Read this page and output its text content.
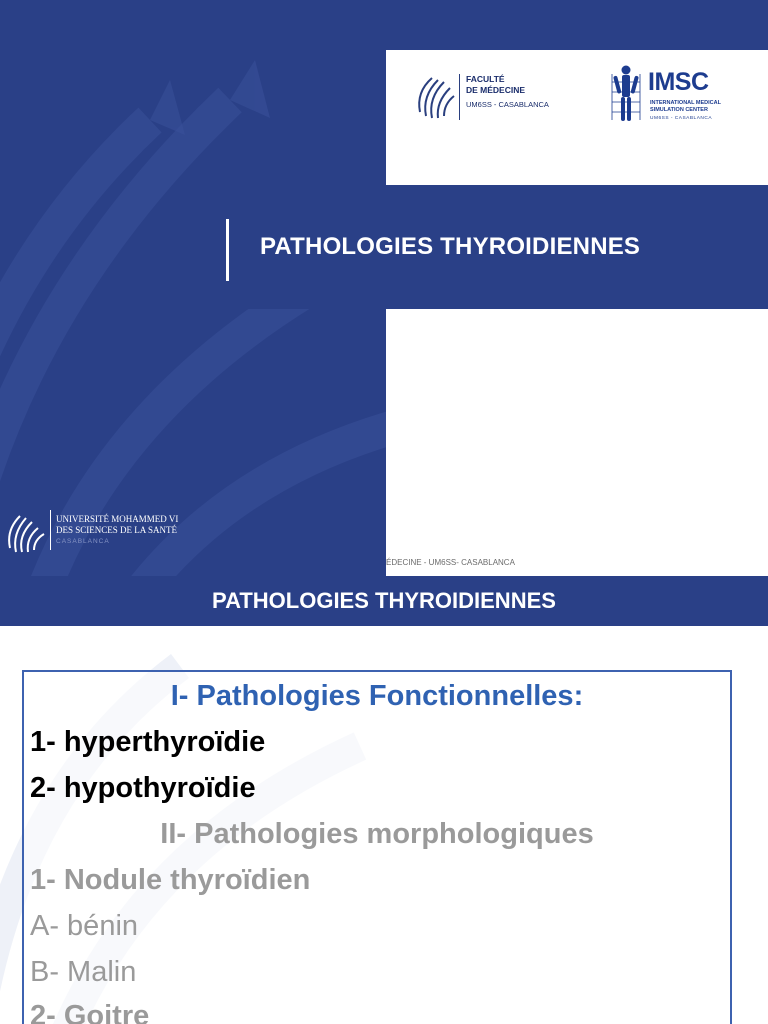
FACULTÉ
DE MÉDECINE

UM6SS - CASABLANCA

IMSC

INTERNATIONAL MEDICAL
SIMULATION CENTER

UM6SS - CASABLANCA

PATHOLOGIES THYROIDIENNES

ÉDECINE - UM6SS- CASABLANCA

UNIVERSITÉ MOHAMMED VI
DES SCIENCES DE LA SANTÉ

CASABLANCA

PATHOLOGIES THYROIDIENNES

I- Pathologies Fonctionnelles:

1- hyperthyroïdie

2- hypothyroïdie

II- Pathologies morphologiques

1- Nodule thyroïdien

A- bénin

B- Malin

2- Goitre
